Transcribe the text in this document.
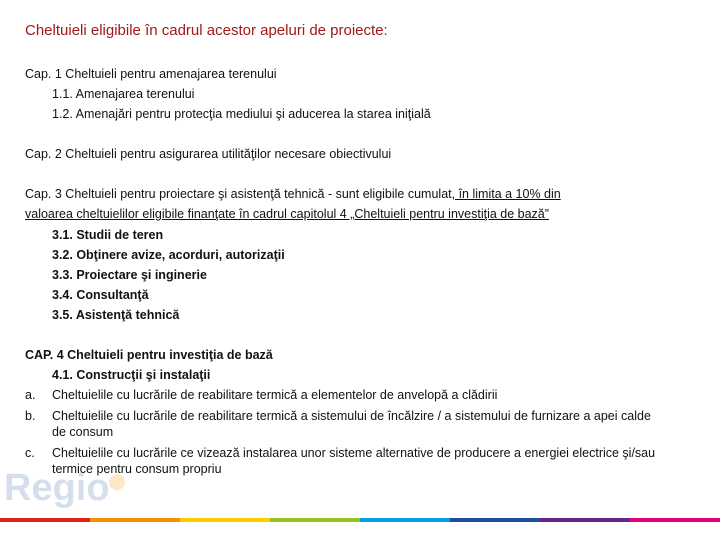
Cheltuieli eligibile în cadrul acestor apeluri de proiecte:
Cap. 1 Cheltuieli pentru amenajarea terenului
1.1. Amenajarea terenului
1.2. Amenajări pentru protecţia mediului şi aducerea la starea iniţială
Cap. 2 Cheltuieli pentru asigurarea utilităţilor necesare obiectivului
Cap. 3 Cheltuieli pentru proiectare şi asistenţă tehnică - sunt eligibile cumulat, în limita a 10% din
valoarea cheltuielilor eligibile finanţate în cadrul capitolul 4 „Cheltuieli pentru investiţia de bază”
3.1. Studii de teren
3.2. Obţinere avize, acorduri, autorizaţii
3.3. Proiectare şi inginerie
3.4. Consultanţă
3.5. Asistenţă tehnică
CAP. 4 Cheltuieli pentru investiţia de bază
4.1. Construcţii şi instalaţii
a. Cheltuielile cu lucrările de reabilitare termică a elementelor de anvelopă a clădirii
b. Cheltuielile cu lucrările de reabilitare termică a sistemului de încălzire / a sistemului de furnizare a apei calde de consum
c. Cheltuielile cu lucrările ce vizează instalarea unor sisteme alternative de producere a energiei electrice şi/sau termice pentru consum propriu
Regio
